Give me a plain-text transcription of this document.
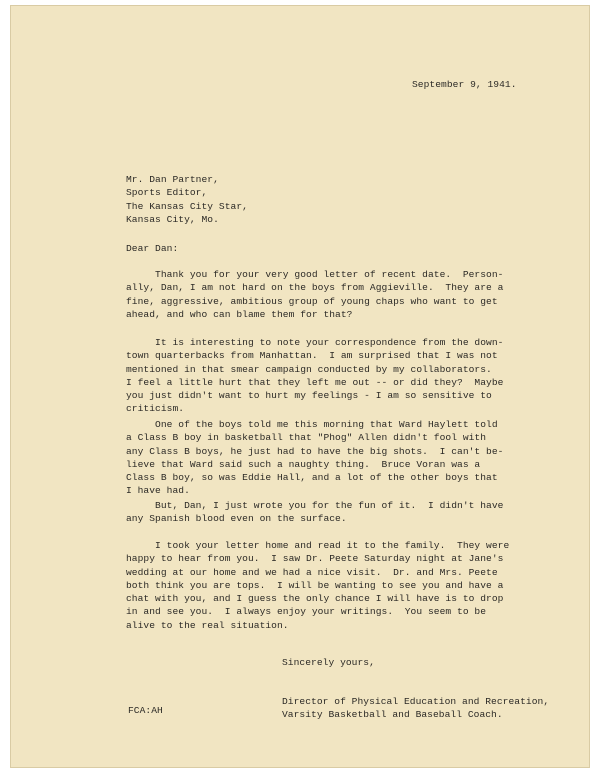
September 9, 1941.
Mr. Dan Partner,
Sports Editor,
The Kansas City Star,
Kansas City, Mo.
Dear Dan:
Thank you for your very good letter of recent date.  Person-
ally, Dan, I am not hard on the boys from Aggieville.  They are a
fine, aggressive, ambitious group of young chaps who want to get
ahead, and who can blame them for that?
It is interesting to note your correspondence from the down-
town quarterbacks from Manhattan.  I am surprised that I was not
mentioned in that smear campaign conducted by my collaborators.
I feel a little hurt that they left me out -- or did they?  Maybe
you just didn't want to hurt my feelings - I am so sensitive to
criticism.
One of the boys told me this morning that Ward Haylett told
a Class B boy in basketball that "Phog" Allen didn't fool with
any Class B boys, he just had to have the big shots.  I can't be-
lieve that Ward said such a naughty thing.  Bruce Voran was a
Class B boy, so was Eddie Hall, and a lot of the other boys that
I have had.
But, Dan, I just wrote you for the fun of it.  I didn't have
any Spanish blood even on the surface.
I took your letter home and read it to the family.  They were
happy to hear from you.  I saw Dr. Peete Saturday night at Jane's
wedding at our home and we had a nice visit.  Dr. and Mrs. Peete
both think you are tops.  I will be wanting to see you and have a
chat with you, and I guess the only chance I will have is to drop
in and see you.  I always enjoy your writings.  You seem to be
alive to the real situation.
Sincerely yours,
FCA:AH
Director of Physical Education and Recreation,
Varsity Basketball and Baseball Coach.
